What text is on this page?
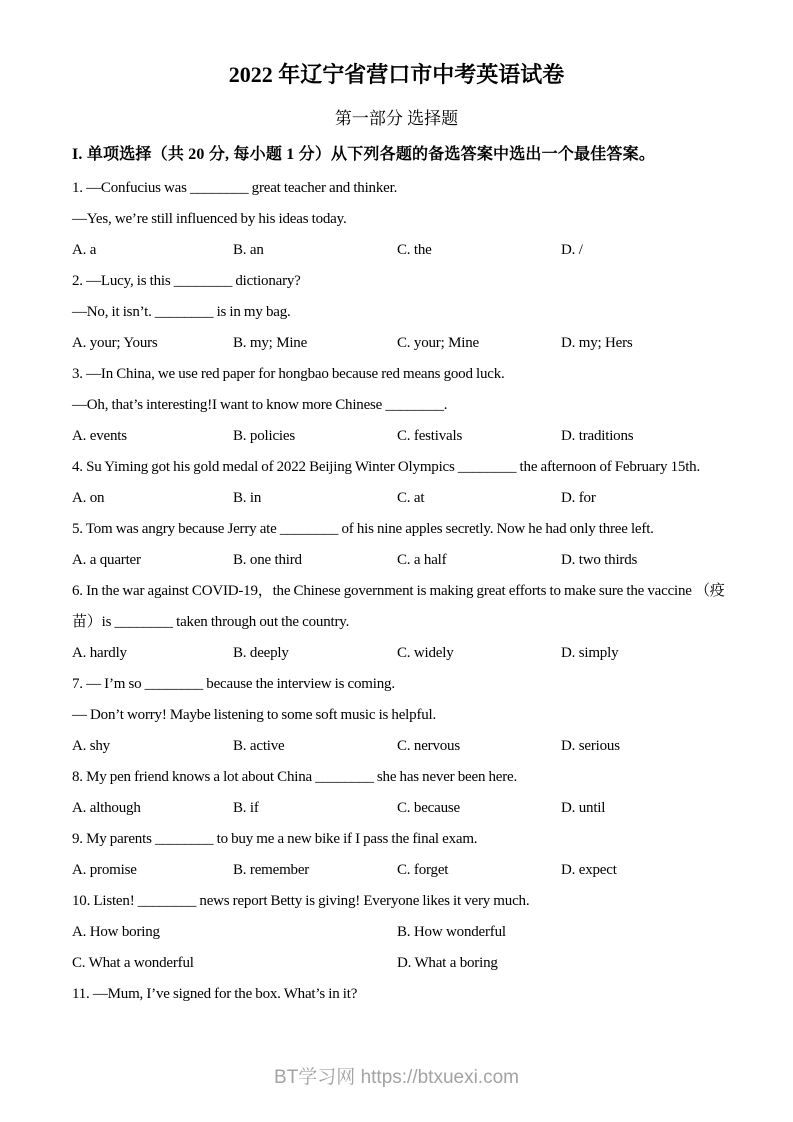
2022 年辽宁省营口市中考英语试卷
第一部分 选择题

I. 单项选择（共 20 分, 每小题 1 分）从下列各题的备选答案中选出一个最佳答案。

1. —Confucius was ________ great teacher and thinker.

—Yes, we’re still influenced by his ideas today.

A. a	B. an	C. the	D. /

2. —Lucy, is this ________ dictionary?

—No, it isn’t. ________ is in my bag.

A. your; Yours	B. my; Mine	C. your; Mine	D. my; Hers

3. —In China, we use red paper for hongbao because red means good luck.

—Oh, that’s interesting!I want to know more Chinese ________.

A. events	B. policies	C. festivals	D. traditions

4. Su Yiming got his gold medal of 2022 Beijing Winter Olympics ________ the afternoon of February 15th.

A. on	B. in	C. at	D. for

5. Tom was angry because Jerry ate ________ of his nine apples secretly. Now he had only three left.

A. a quarter	B. one third	C. a half	D. two thirds

6. In the war against COVID-19，the Chinese government is making great efforts to make sure the vaccine （疫苗）is ________ taken through out the country.

A. hardly	B. deeply	C. widely	D. simply

7. — I’m so ________ because the interview is coming.

— Don’t worry! Maybe listening to some soft music is helpful.

A. shy	B. active	C. nervous	D. serious

8. My pen friend knows a lot about China ________ she has never been here.

A. although	B. if	C. because	D. until

9. My parents ________ to buy me a new bike if I pass the final exam.

A. promise	B. remember	C. forget	D. expect

10. Listen! ________ news report Betty is giving! Everyone likes it very much.

A. How boring	B. How wonderful
C. What a wonderful	D. What a boring

11. —Mum, I’ve signed for the box. What’s in it?

BT学习网 https://btxuexi.com
